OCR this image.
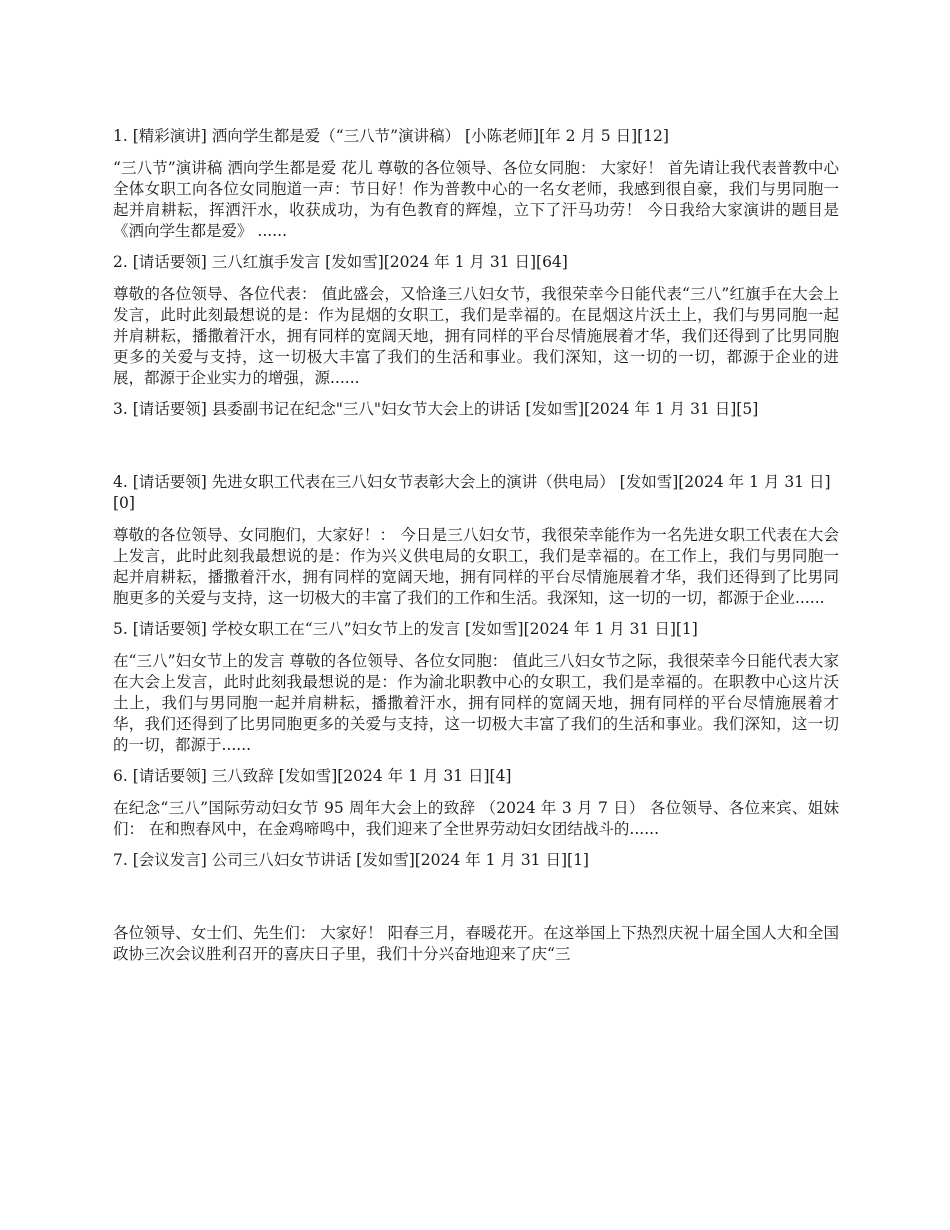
1. [精彩演讲] 洒向学生都是爱（“三八节”演讲稿） [小陈老师][年 2 月 5 日][12]

“三八节”演讲稿 洒向学生都是爱 花儿 尊敬的各位领导、各位女同胞： 大家好！ 首先请让我代表普教中心全体女职工向各位女同胞道一声：节日好！作为普教中心的一名女老师，我感到很自豪，我们与男同胞一起并肩耕耘，挥洒汗水，收获成功，为有色教育的辉煌，立下了汗马功劳！ 今日我给大家演讲的题目是《洒向学生都是爱》 ......

2. [请话要领] 三八红旗手发言 [发如雪][2024 年 1 月 31 日][64]

尊敬的各位领导、各位代表： 值此盛会，又恰逢三八妇女节，我很荣幸今日能代表“三八”红旗手在大会上发言，此时此刻最想说的是：作为昆烟的女职工，我们是幸福的。在昆烟这片沃土上，我们与男同胞一起并肩耕耘，播撒着汗水，拥有同样的宽阔天地，拥有同样的平台尽情施展着才华，我们还得到了比男同胞更多的关爱与支持，这一切极大丰富了我们的生活和事业。我们深知，这一切的一切，都源于企业的进展，都源于企业实力的增强，源......

3. [请话要领] 县委副书记在纪念"三八"妇女节大会上的讲话 [发如雪][2024 年 1 月 31 日][5]

4. [请话要领] 先进女职工代表在三八妇女节表彰大会上的演讲（供电局） [发如雪][2024 年 1 月 31 日][0]

尊敬的各位领导、女同胞们，大家好！： 今日是三八妇女节，我很荣幸能作为一名先进女职工代表在大会上发言，此时此刻我最想说的是：作为兴义供电局的女职工，我们是幸福的。在工作上，我们与男同胞一起并肩耕耘，播撒着汗水，拥有同样的宽阔天地，拥有同样的平台尽情施展着才华，我们还得到了比男同胞更多的关爱与支持，这一切极大的丰富了我们的工作和生活。我深知，这一切的一切，都源于企业......

5. [请话要领] 学校女职工在“三八”妇女节上的发言 [发如雪][2024 年 1 月 31 日][1]

在“三八”妇女节上的发言 尊敬的各位领导、各位女同胞： 值此三八妇女节之际，我很荣幸今日能代表大家在大会上发言，此时此刻我最想说的是：作为渝北职教中心的女职工，我们是幸福的。在职教中心这片沃土上，我们与男同胞一起并肩耕耘，播撒着汗水，拥有同样的宽阔天地，拥有同样的平台尽情施展着才华，我们还得到了比男同胞更多的关爱与支持，这一切极大丰富了我们的生活和事业。我们深知，这一切的一切，都源于......

6. [请话要领] 三八致辞 [发如雪][2024 年 1 月 31 日][4]

在纪念“三八”国际劳动妇女节 95 周年大会上的致辞 （2024 年 3 月 7 日） 各位领导、各位来宾、姐妹们： 在和煦春风中，在金鸡啼鸣中，我们迎来了全世界劳动妇女团结战斗的......

7. [会议发言] 公司三八妇女节讲话 [发如雪][2024 年 1 月 31 日][1]

各位领导、女士们、先生们： 大家好！ 阳春三月，春暖花开。在这举国上下热烈庆祝十届全国人大和全国政协三次会议胜利召开的喜庆日子里，我们十分兴奋地迎来了庆“三
